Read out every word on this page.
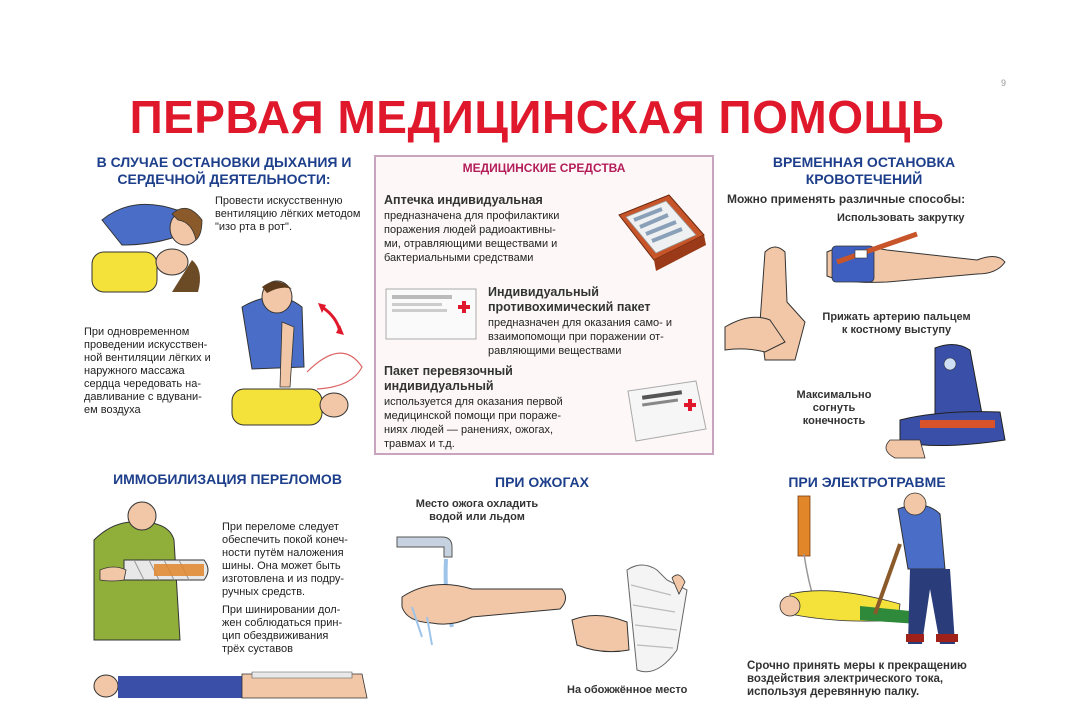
9
ПЕРВАЯ МЕДИЦИНСКАЯ ПОМОЩЬ
В СЛУЧАЕ ОСТАНОВКИ ДЫХАНИЯ И
СЕРДЕЧНОЙ ДЕЯТЕЛЬНОСТИ:
Провести искусственную
вентиляцию лёгких методом
"изо рта в рот".
При одновременном
проведении искусствен-
ной вентиляции лёгких и
наружного массажа
сердца чередовать на-
давливание с вдувани-
ем воздуха
МЕДИЦИНСКИЕ СРЕДСТВА
Аптечка индивидуальная
предназначена для профилактики
поражения людей радиоактивны-
ми, отравляющими веществами и
бактериальными средствами
Индивидуальный
противохимический пакет
предназначен для оказания само- и
взаимопомощи при поражении от-
равляющими веществами
Пакет перевязочный
индивидуальный
используется для оказания первой
медицинской помощи при пораже-
ниях людей — ранениях, ожогах,
травмах и т.д.
ВРЕМЕННАЯ ОСТАНОВКА
КРОВОТЕЧЕНИЙ
Можно применять различные способы:
Использовать закрутку
Прижать артерию пальцем
к костному выступу
Максимально
согнуть
конечность
ИММОБИЛИЗАЦИЯ ПЕРЕЛОМОВ
При переломе следует
обеспечить покой конеч-
ности путём наложения
шины. Она может быть
изготовлена и из подру-
ручных средств.
При шинировании дол-
жен соблюдаться прин-
цип обездвиживания
трёх суставов
ПРИ ОЖОГАХ
Место ожога охладить
водой или льдом
На обожжённое место
ПРИ ЭЛЕКТРОТРАВМЕ
Срочно принять меры к прекращению
воздействия электрического тока,
используя деревянную палку.
